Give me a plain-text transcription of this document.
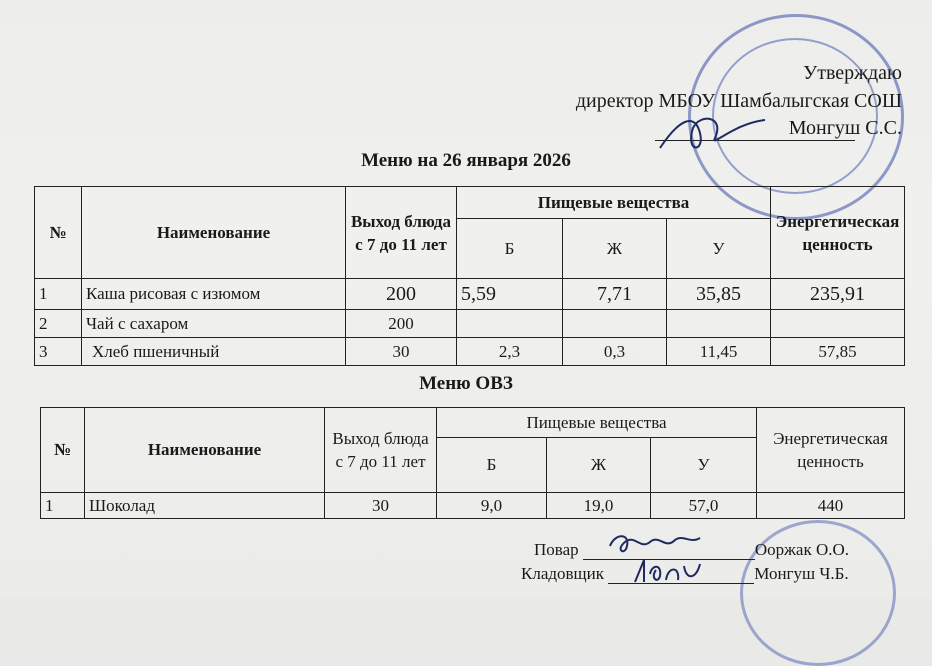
Утверждаю
директор МБОУ Шамбалыгская СОШ
Монгуш С.С.
Меню на 26 января 2026
№	Наименование	Выход блюда с 7 до 11 лет	Пищевые вещества			Энергетическая ценность
			Б	Ж	У	
1	Каша рисовая с изюмом	200	5,59	7,71	35,85	235,91
2	Чай с сахаром	200				
3	Хлеб пшеничный	30	2,3	0,3	11,45	57,85
Меню ОВЗ
№	Наименование	Выход блюда с 7 до 11 лет	Пищевые вещества			Энергетическая ценность
			Б	Ж	У	
1	Шоколад	30	9,0	19,0	57,0	440
Повар	Ооржак О.О.
Кладовщик	Монгуш Ч.Б.
